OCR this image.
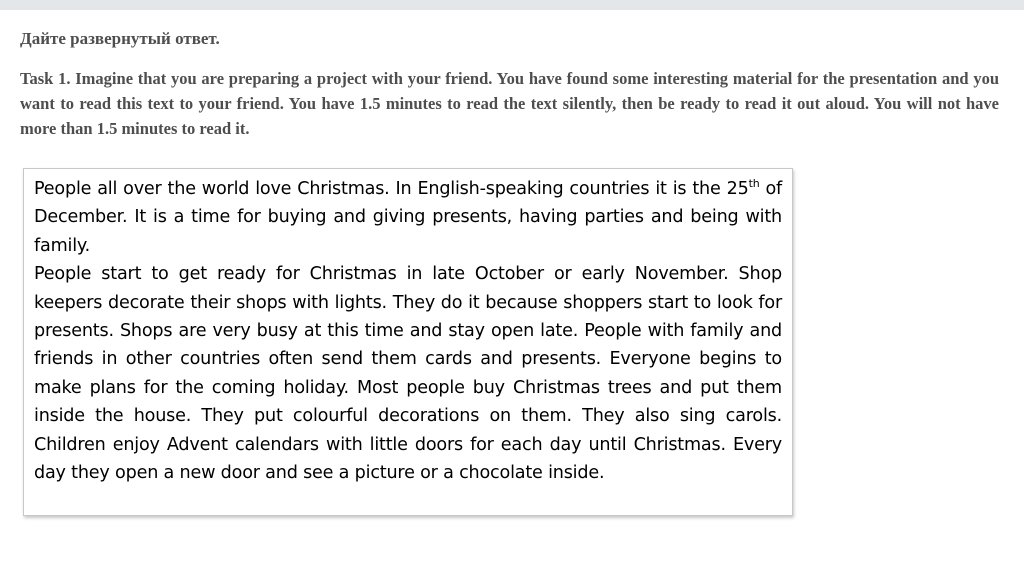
Дайте развернутый ответ.

Task 1. Imagine that you are preparing a project with your friend. You have found some interesting material for the presentation and you want to read this text to your friend. You have 1.5 minutes to read the text silently, then be ready to read it out aloud. You will not have more than 1.5 minutes to read it.

People all over the world love Christmas. In English-speaking countries it is the 25th of December. It is a time for buying and giving presents, having parties and being with family.

People start to get ready for Christmas in late October or early November. Shop keepers decorate their shops with lights. They do it because shoppers start to look for presents. Shops are very busy at this time and stay open late. People with family and friends in other countries often send them cards and presents. Everyone begins to make plans for the coming holiday. Most people buy Christmas trees and put them inside the house. They put colourful decorations on them. They also sing carols. Children enjoy Advent calendars with little doors for each day until Christmas. Every day they open a new door and see a picture or a chocolate inside.
